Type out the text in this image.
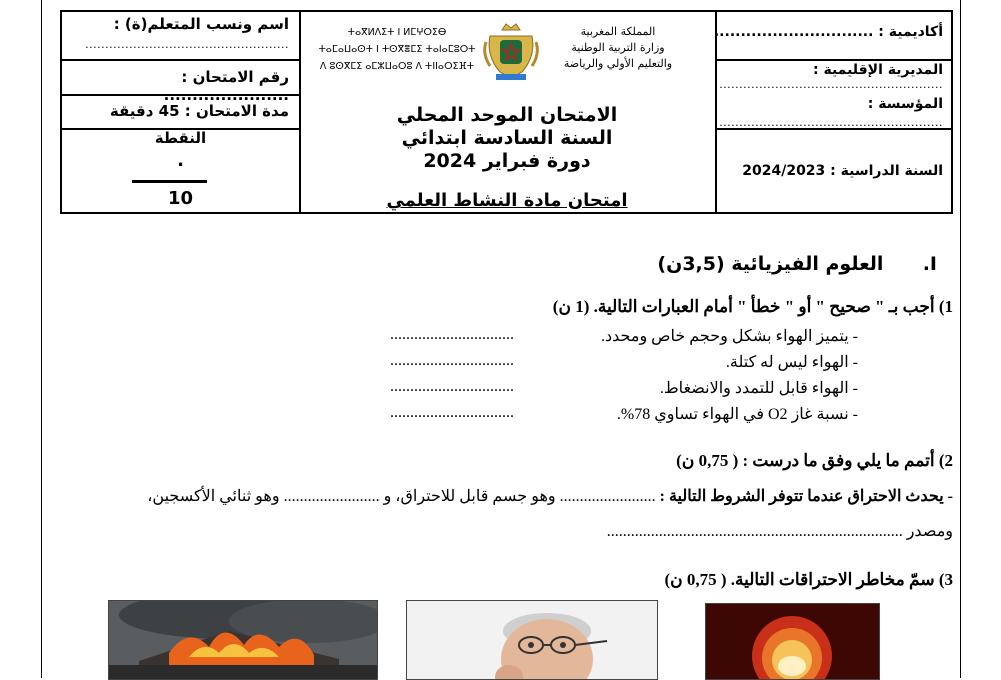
أكاديمية : ..............................
المديرية الإقليمية :
........................................................
المؤسسة :
........................................................
السنة الدراسية : 2024/2023
المملكة المغربية
وزارة التربية الوطنية
والتعليم الأولي والرياضة
ⵜⴰⴳⵍⴷⵉⵜ ⵏ ⵍⵎⵖⵔⵉⴱ
ⵜⴰⵎⴰⵡⴰⵙⵜ ⵏ ⵜⵙⴳⴻⵎⵉ ⵜⴰⵏⴰⵎⵓⵔⵜ
ⴷ ⵓⵙⴳⵎⵉ ⴰⵎⵣⵡⴰⵔⵓ ⴷ ⵜⵏⵏⴰⵔⵉⴼⵜ
الامتحان الموحد المحلي
السنة السادسة ابتدائي
دورة فبراير 2024
امتحان مادة النشاط العلمي
اسم ونسب المتعلم(ة) :
...................................................
رقم الامتحان : ......................
مدة الامتحان : 45 دقيقة
النقطة
.
10
I.  العلوم الفيزيائية (3,5ن)
1) أجب بـ " صحيح " أو " خطأ " أمام العبارات التالية. (1 ن)
- يتميز الهواء بشكل وحجم خاص ومحدد.
...............................
- الهواء ليس له كتلة.
...............................
- الهواء قابل للتمدد والانضغاط.
...............................
- نسبة غاز O2 في الهواء تساوي 78%.
...............................
2) أتمم ما يلي وفق ما درست : ( 0,75 ن)
- يحدث الاحتراق عندما تتوفر الشروط التالية : ........................ وهو جسم قابل للاحتراق، و ........................ وهو ثنائي الأكسجين،
ومصدر ..........................................................................
3) سمّ مخاطر الاحتراقات التالية. ( 0,75 ن)
